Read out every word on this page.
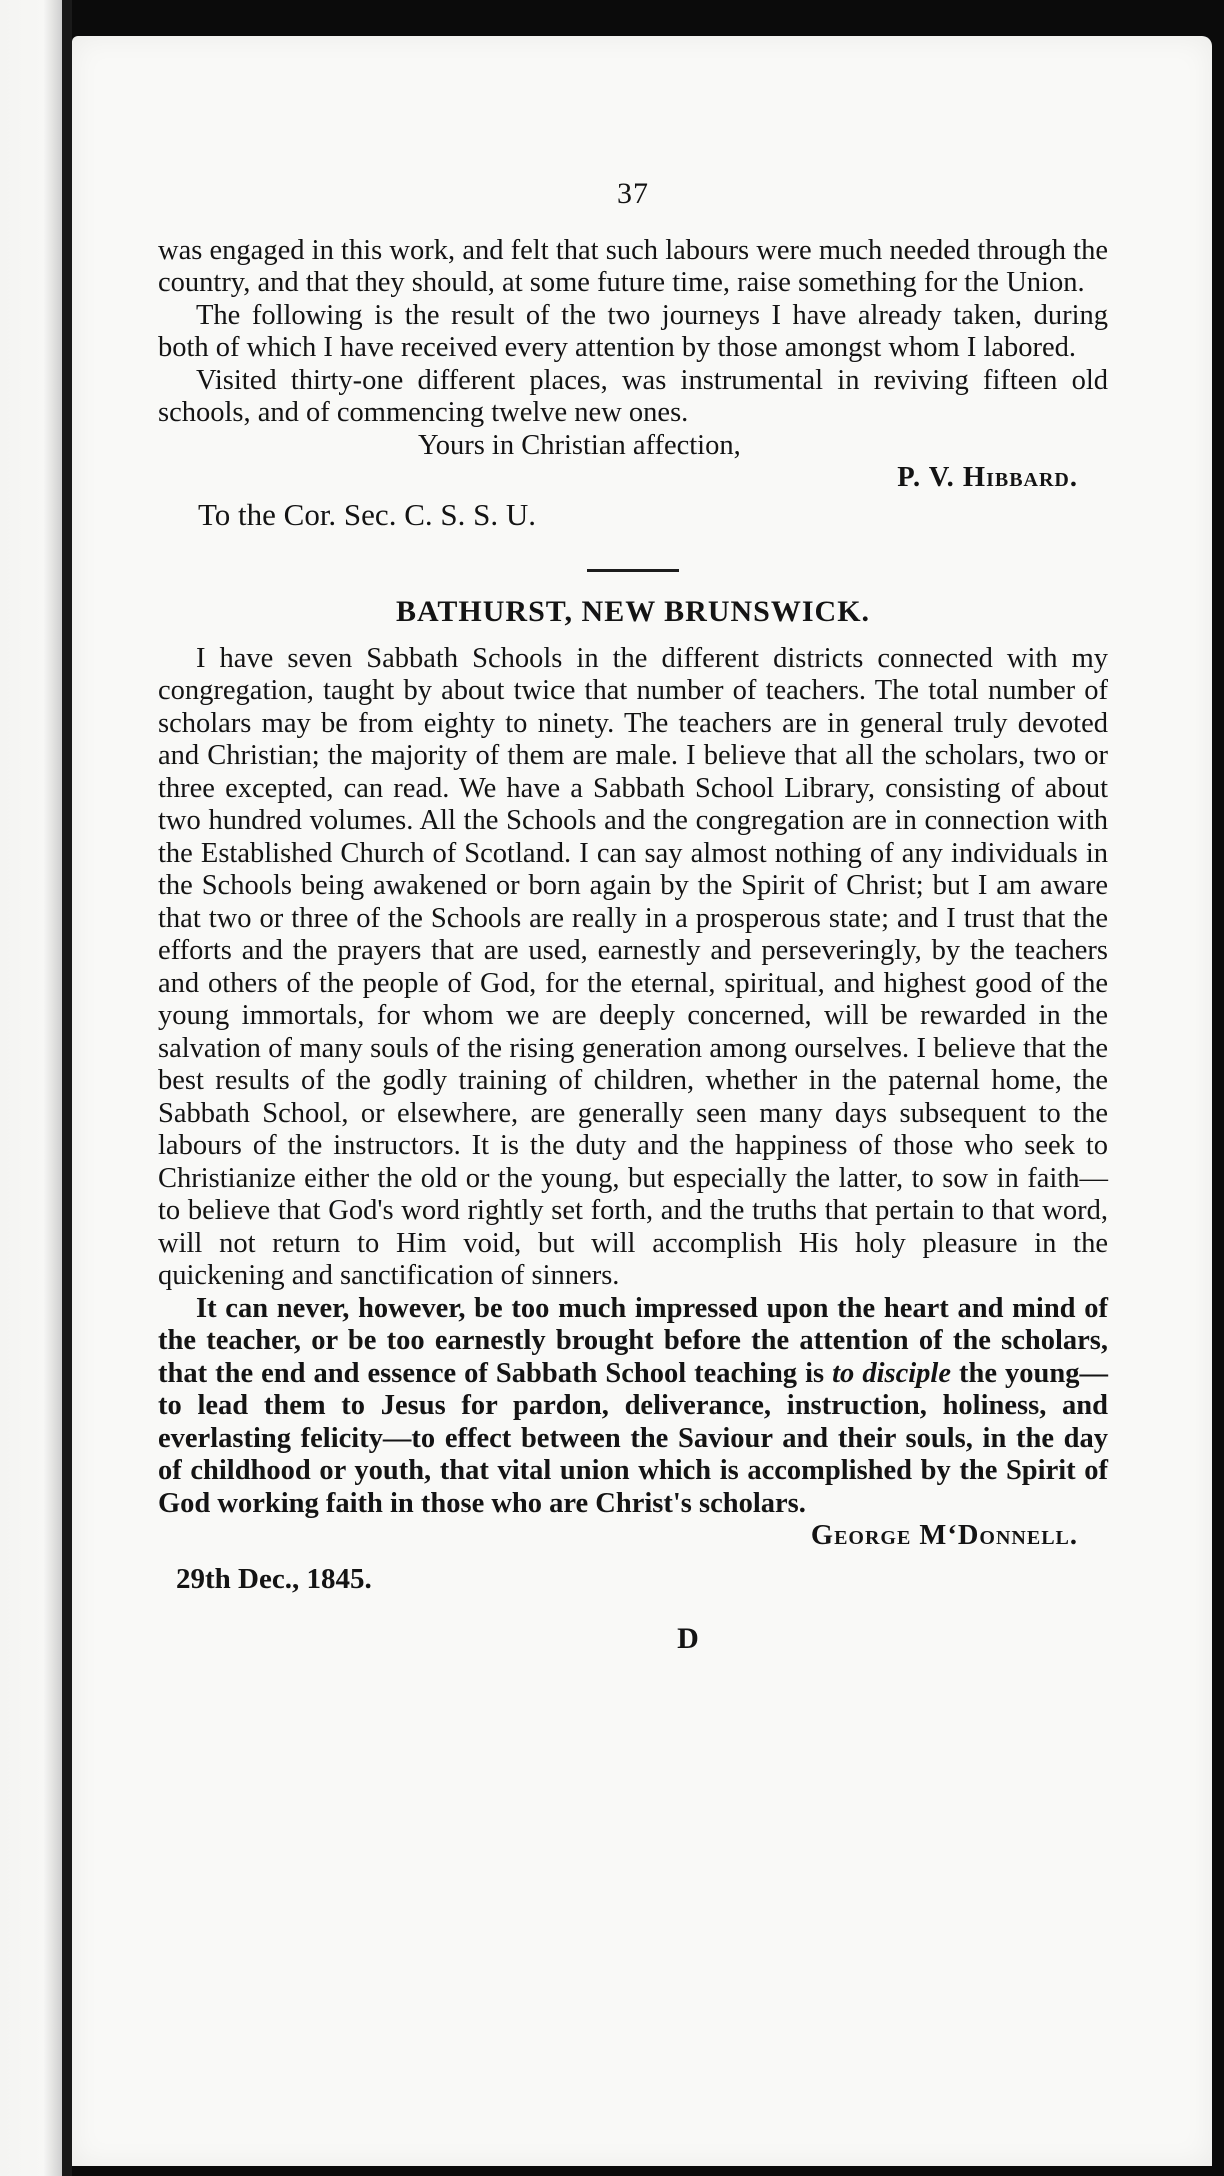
37

was engaged in this work, and felt that such labours were much needed through the country, and that they should, at some future time, raise something for the Union.

The following is the result of the two journeys I have already taken, during both of which I have received every attention by those amongst whom I labored.

Visited thirty-one different places, was instrumental in reviving fifteen old schools, and of commencing twelve new ones.

Yours in Christian affection,

P. V. Hibbard.

To the Cor. Sec. C. S. S. U.

BATHURST, NEW BRUNSWICK.

I have seven Sabbath Schools in the different districts connected with my congregation, taught by about twice that number of teachers. The total number of scholars may be from eighty to ninety. The teachers are in general truly devoted and Christian; the majority of them are male. I believe that all the scholars, two or three excepted, can read. We have a Sabbath School Library, consisting of about two hundred volumes. All the Schools and the congregation are in connection with the Established Church of Scotland. I can say almost nothing of any individuals in the Schools being awakened or born again by the Spirit of Christ; but I am aware that two or three of the Schools are really in a prosperous state; and I trust that the efforts and the prayers that are used, earnestly and perseveringly, by the teachers and others of the people of God, for the eternal, spiritual, and highest good of the young immortals, for whom we are deeply concerned, will be rewarded in the salvation of many souls of the rising generation among ourselves. I believe that the best results of the godly training of children, whether in the paternal home, the Sabbath School, or elsewhere, are generally seen many days subsequent to the labours of the instructors. It is the duty and the happiness of those who seek to Christianize either the old or the young, but especially the latter, to sow in faith—to believe that God's word rightly set forth, and the truths that pertain to that word, will not return to Him void, but will accomplish His holy pleasure in the quickening and sanctification of sinners.

It can never, however, be too much impressed upon the heart and mind of the teacher, or be too earnestly brought before the attention of the scholars, that the end and essence of Sabbath School teaching is to disciple the young—to lead them to Jesus for pardon, deliverance, instruction, holiness, and everlasting felicity—to effect between the Saviour and their souls, in the day of childhood or youth, that vital union which is accomplished by the Spirit of God working faith in those who are Christ's scholars.

George M‘Donnell.

29th Dec., 1845.

D
